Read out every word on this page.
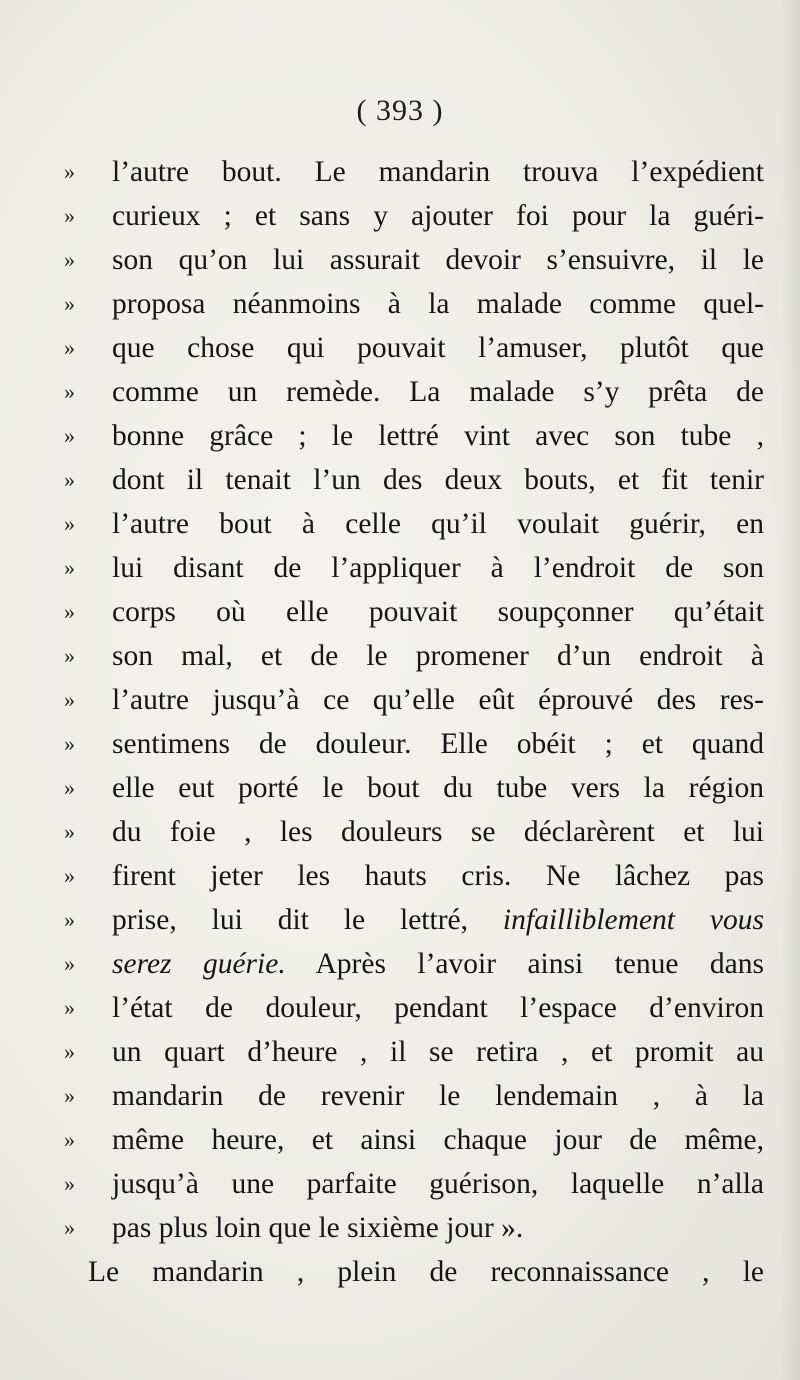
( 393 )
»	l’autre bout. Le mandarin trouva l’expédient
»	curieux ; et sans y ajouter foi pour la guéri-
»	son qu’on lui assurait devoir s’ensuivre, il le
»	proposa néanmoins à la malade comme quel-
»	que chose qui pouvait l’amuser, plutôt que
»	comme un remède. La malade s’y prêta de
»	bonne grâce ; le lettré vint avec son tube ,
»	dont il tenait l’un des deux bouts, et fit tenir
»	l’autre bout à celle qu’il voulait guérir, en
»	lui disant de l’appliquer à l’endroit de son
»	corps où elle pouvait soupçonner qu’était
»	son mal, et de le promener d’un endroit à
»	l’autre jusqu’à ce qu’elle eût éprouvé des res-
»	sentimens de douleur. Elle obéit ; et quand
»	elle eut porté le bout du tube vers la région
»	du foie , les douleurs se déclarèrent et lui
»	firent jeter les hauts cris. Ne lâchez pas
»	prise, lui dit le lettré, infailliblement vous
»	serez guérie. Après l’avoir ainsi tenue dans
»	l’état de douleur, pendant l’espace d’environ
»	un quart d’heure , il se retira , et promit au
»	mandarin de revenir le lendemain , à la
»	même heure, et ainsi chaque jour de même,
»	jusqu’à une parfaite guérison, laquelle n’alla
»	pas plus loin que le sixième jour ».
Le mandarin , plein de reconnaissance , le
